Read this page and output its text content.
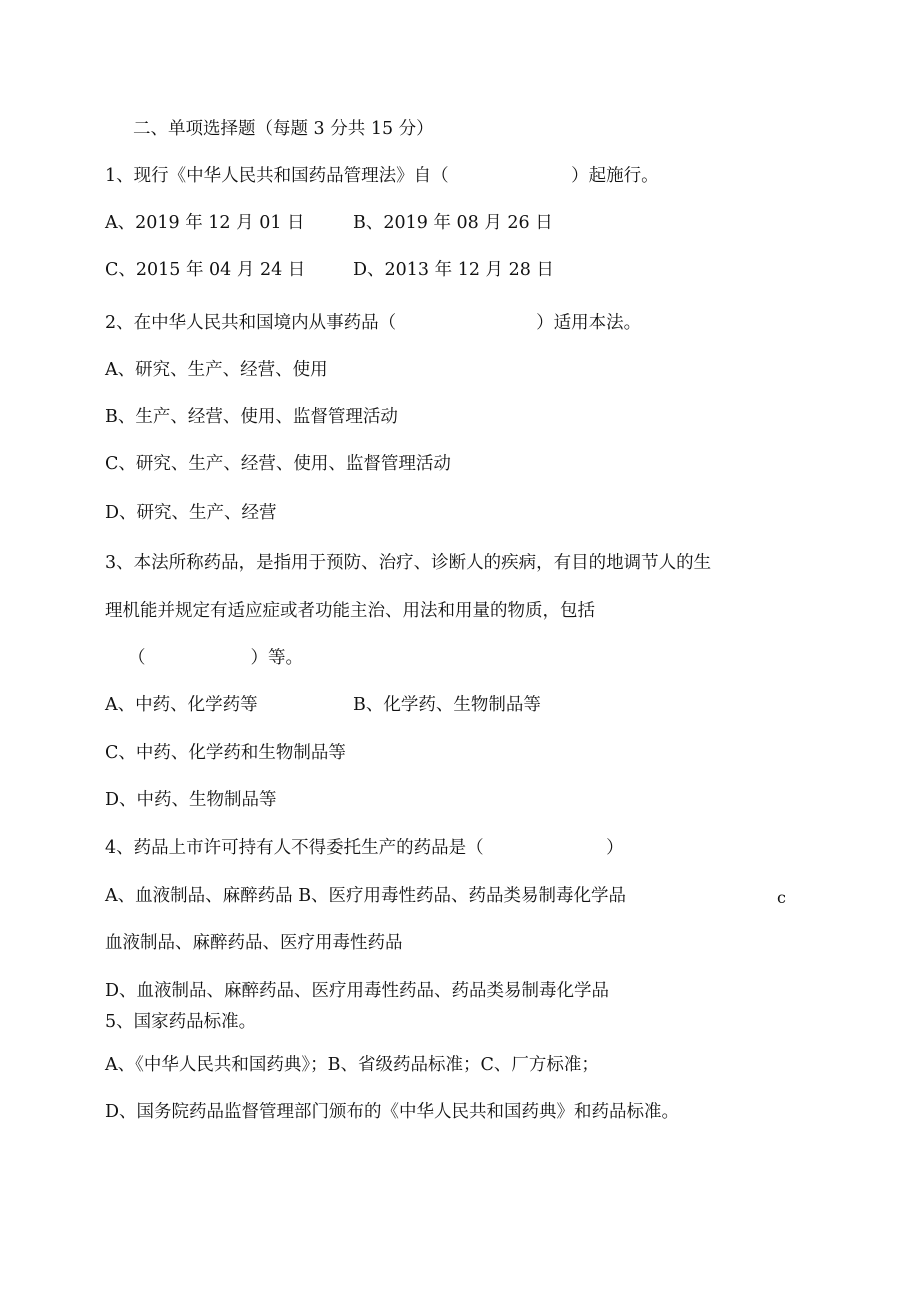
二、单项选择题（每题 3 分共 15 分）
1、现行《中华人民共和国药品管理法》自（　　　　　　　）起施行。
A、2019 年 12 月 01 日	B、2019 年 08 月 26 日
C、2015 年 04 月 24 日	D、2013 年 12 月 28 日
2、在中华人民共和国境内从事药品（　　　　　　　　）适用本法。
A、研究、生产、经营、使用
B、生产、经营、使用、监督管理活动
C、研究、生产、经营、使用、监督管理活动
D、研究、生产、经营
3、本法所称药品，是指用于预防、治疗、诊断人的疾病，有目的地调节人的生
理机能并规定有适应症或者功能主治、用法和用量的物质，包括
（　　　　　　）等。
A、中药、化学药等	B、化学药、生物制品等
C、中药、化学药和生物制品等
D、中药、生物制品等
4、药品上市许可持有人不得委托生产的药品是（　　　　　　　）
A、血液制品、麻醉药品 B、医疗用毒性药品、药品类易制毒化学品	c
血液制品、麻醉药品、医疗用毒性药品
D、血液制品、麻醉药品、医疗用毒性药品、药品类易制毒化学品
5、国家药品标准。
A、《中华人民共和国药典》；B、省级药品标准；C、厂方标准；
D、国务院药品监督管理部门颁布的《中华人民共和国药典》和药品标准。
